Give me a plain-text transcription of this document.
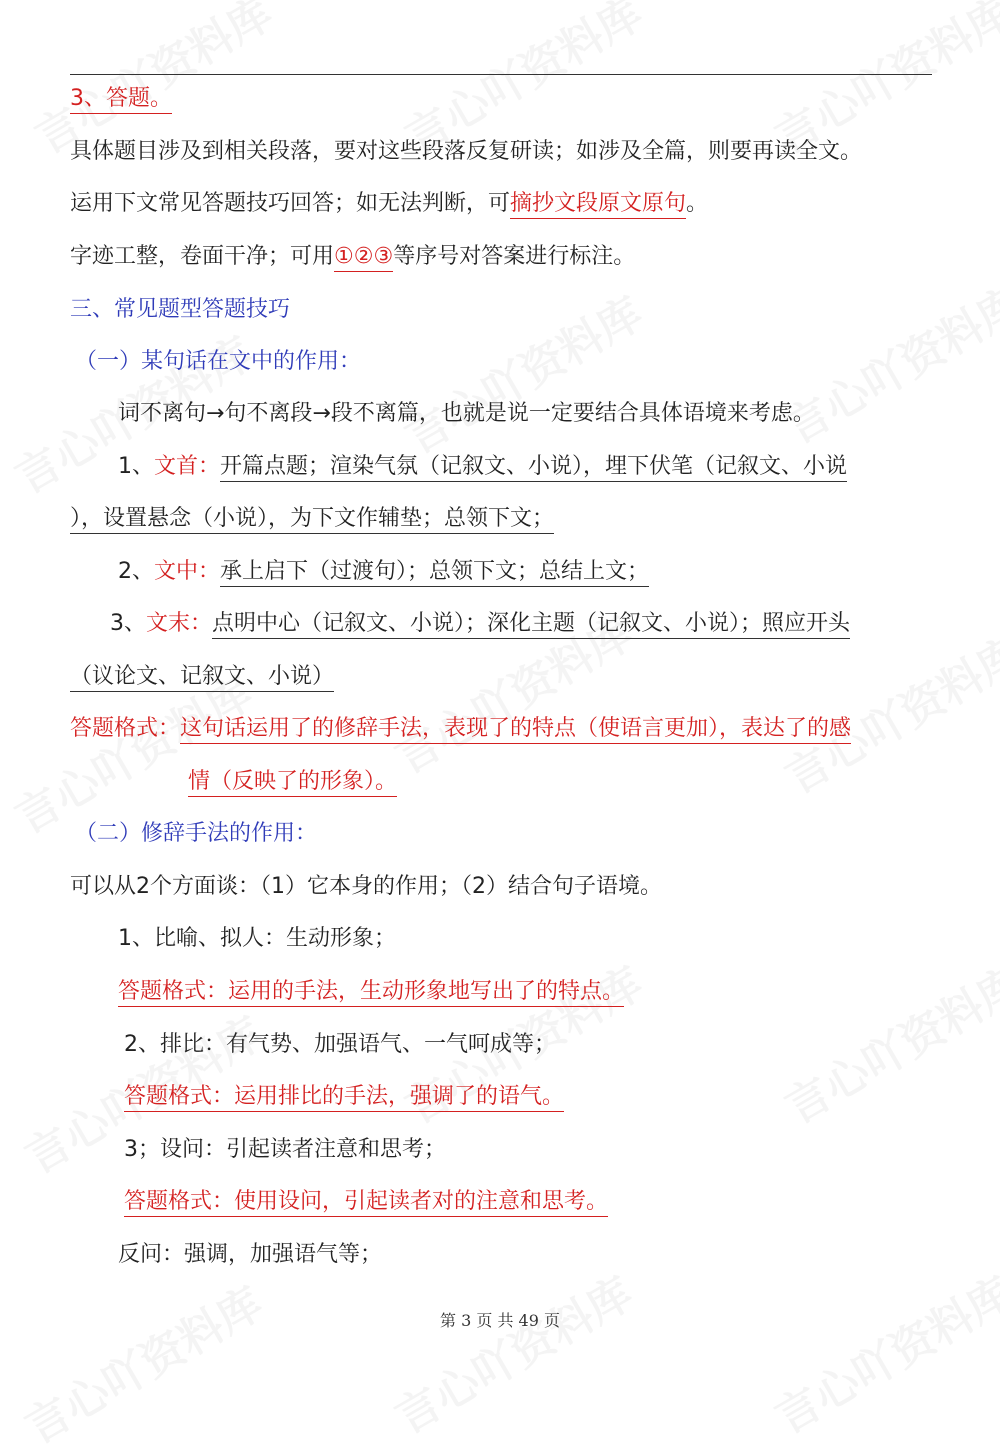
3、答题。
具体题目涉及到相关段落，要对这些段落反复研读；如涉及全篇，则要再读全文。
运用下文常见答题技巧回答；如无法判断，可摘抄文段原文原句。
字迹工整，卷面干净；可用①②③等序号对答案进行标注。
三、常见题型答题技巧
（一）某句话在文中的作用：
词不离句→句不离段→段不离篇，也就是说一定要结合具体语境来考虑。
1、文首：开篇点题；渲染气氛（记叙文、小说），埋下伏笔（记叙文、小说
），设置悬念（小说），为下文作辅垫；总领下文；
2、文中：承上启下（过渡句）；总领下文；总结上文；
3、文末：点明中心（记叙文、小说）；深化主题（记叙文、小说）；照应开头
（议论文、记叙文、小说）
答题格式：这句话运用了的修辞手法，表现了的特点（使语言更加），表达了的感
情（反映了的形象）。
（二）修辞手法的作用：
可以从2个方面谈：（1）它本身的作用；（2）结合句子语境。
1、比喻、拟人：生动形象；
答题格式：运用的手法，生动形象地写出了的特点。
2、排比：有气势、加强语气、一气呵成等；
答题格式：运用排比的手法，强调了的语气。
3；设问：引起读者注意和思考；
答题格式：使用设问，引起读者对的注意和思考。
反问：强调，加强语气等；
第 3 页 共 49 页
